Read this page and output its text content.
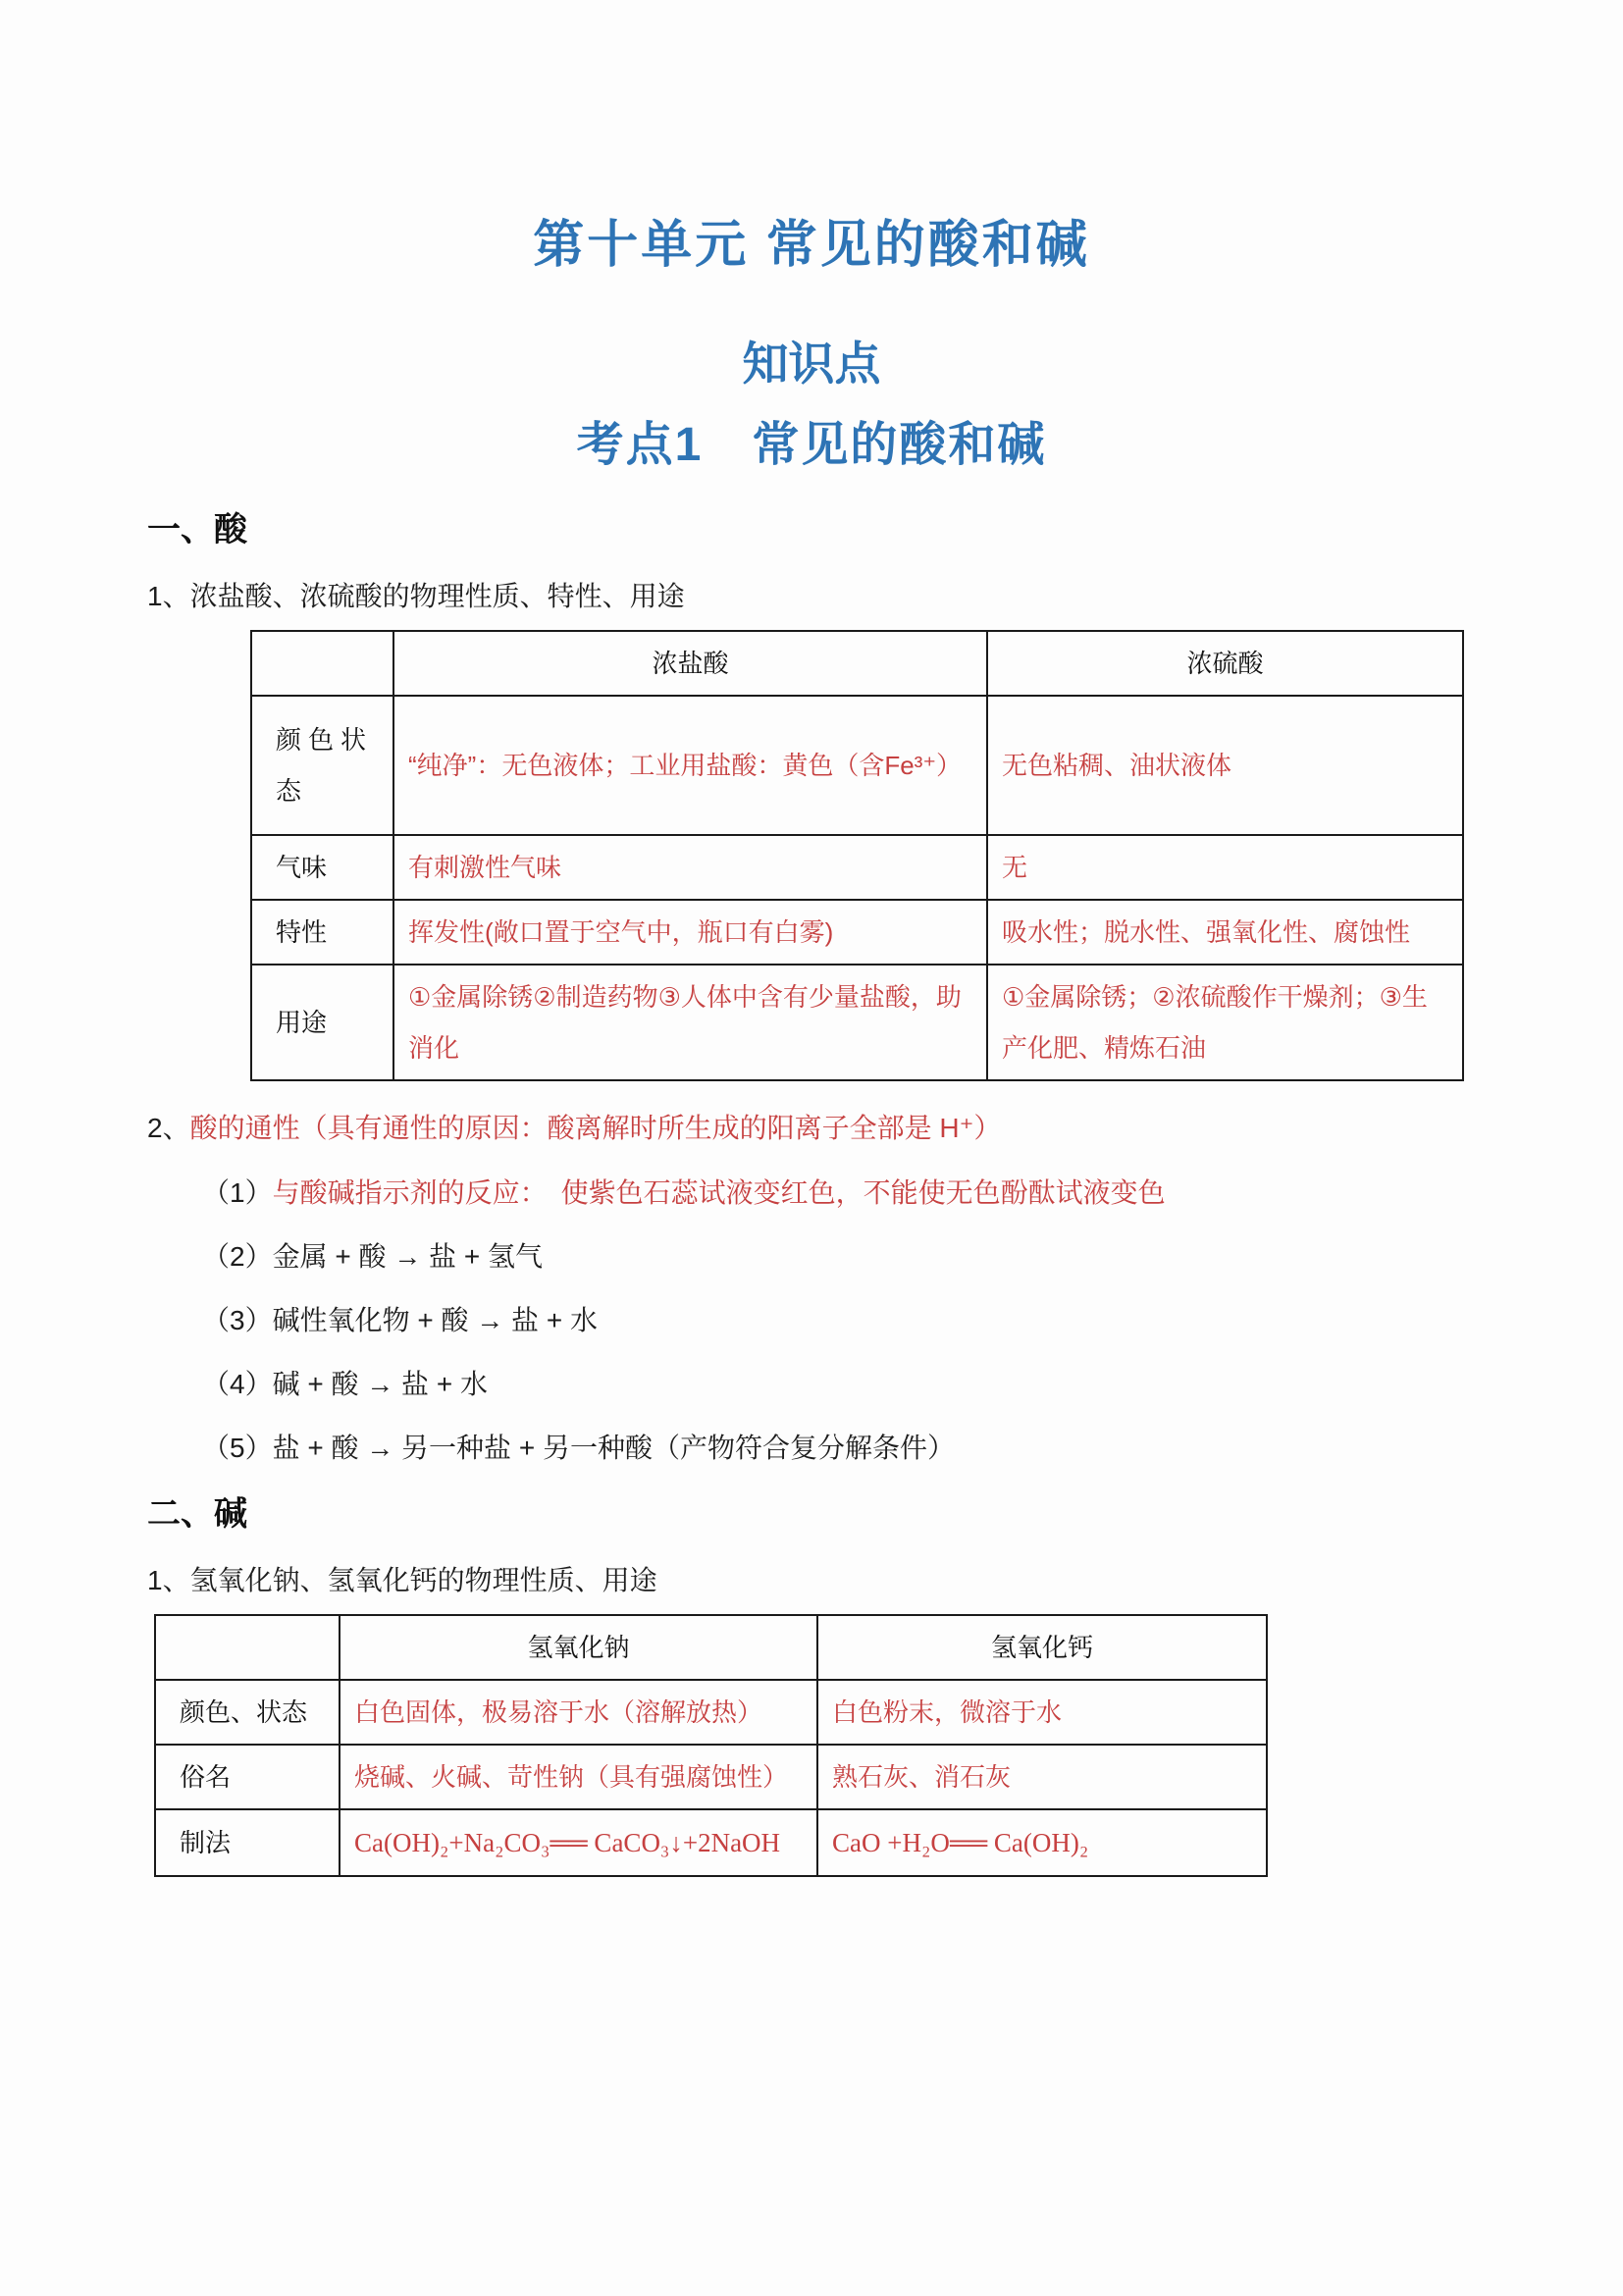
第十单元 常见的酸和碱
知识点
考点1　常见的酸和碱
一、酸
1、浓盐酸、浓硫酸的物理性质、特性、用途
	浓盐酸	浓硫酸
颜色状态	“纯净”：无色液体；工业用盐酸：黄色（含Fe³⁺）	无色粘稠、油状液体
气味	有刺激性气味	无
特性	挥发性(敞口置于空气中，瓶口有白雾)	吸水性；脱水性、强氧化性、腐蚀性
用途	①金属除锈②制造药物③人体中含有少量盐酸，助消化	①金属除锈；②浓硫酸作干燥剂；③生产化肥、精炼石油
2、酸的通性（具有通性的原因：酸离解时所生成的阳离子全部是 H⁺）
（1）与酸碱指示剂的反应：　使紫色石蕊试液变红色，不能使无色酚酞试液变色
（2）金属 + 酸 → 盐 + 氢气
（3）碱性氧化物 + 酸 → 盐 + 水
（4）碱 + 酸 → 盐 + 水
（5）盐 + 酸 → 另一种盐 + 另一种酸（产物符合复分解条件）
二、碱
1、氢氧化钠、氢氧化钙的物理性质、用途
	氢氧化钠	氢氧化钙
颜色、状态	白色固体，极易溶于水（溶解放热）	白色粉末，微溶于水
俗名	烧碱、火碱、苛性钠（具有强腐蚀性）	熟石灰、消石灰
制法	Ca(OH)₂+Na₂CO₃══ CaCO₃↓+2NaOH	CaO +H₂O══ Ca(OH)₂
